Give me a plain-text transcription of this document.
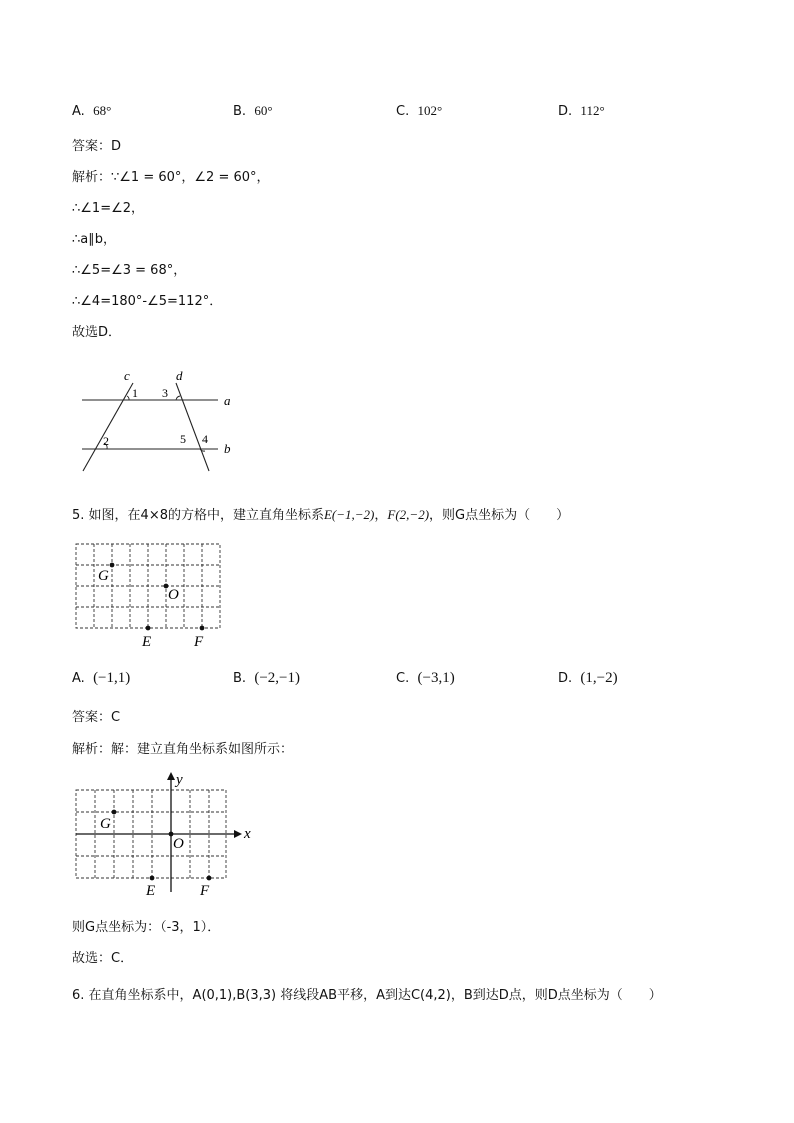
A. 68°	B. 60°	C. 102°	D. 112°
答案：D
解析：∵∠1 = 60°，∠2 = 60°，
∴∠1=∠2，
∴a∥b，
∴∠5=∠3 = 68°，
∴∠4=180°-∠5=112°．
故选D．
c	d
a
b
1
2
3
4
5
5. 如图，在4×8的方格中，建立直角坐标系E(−1,−2)，F(2,−2)，则G点坐标为（　　）
G
O
E	F
A. (−1,1)	B. (−2,−1)	C. (−3,1)	D. (1,−2)
答案：C
解析：解：建立直角坐标系如图所示：
G
O
E	F
x
y
则G点坐标为：（-3，1）．
故选：C．
6. 在直角坐标系中，A(0,1),B(3,3) 将线段AB平移，A到达C(4,2)，B到达D点，则D点坐标为（　　）
